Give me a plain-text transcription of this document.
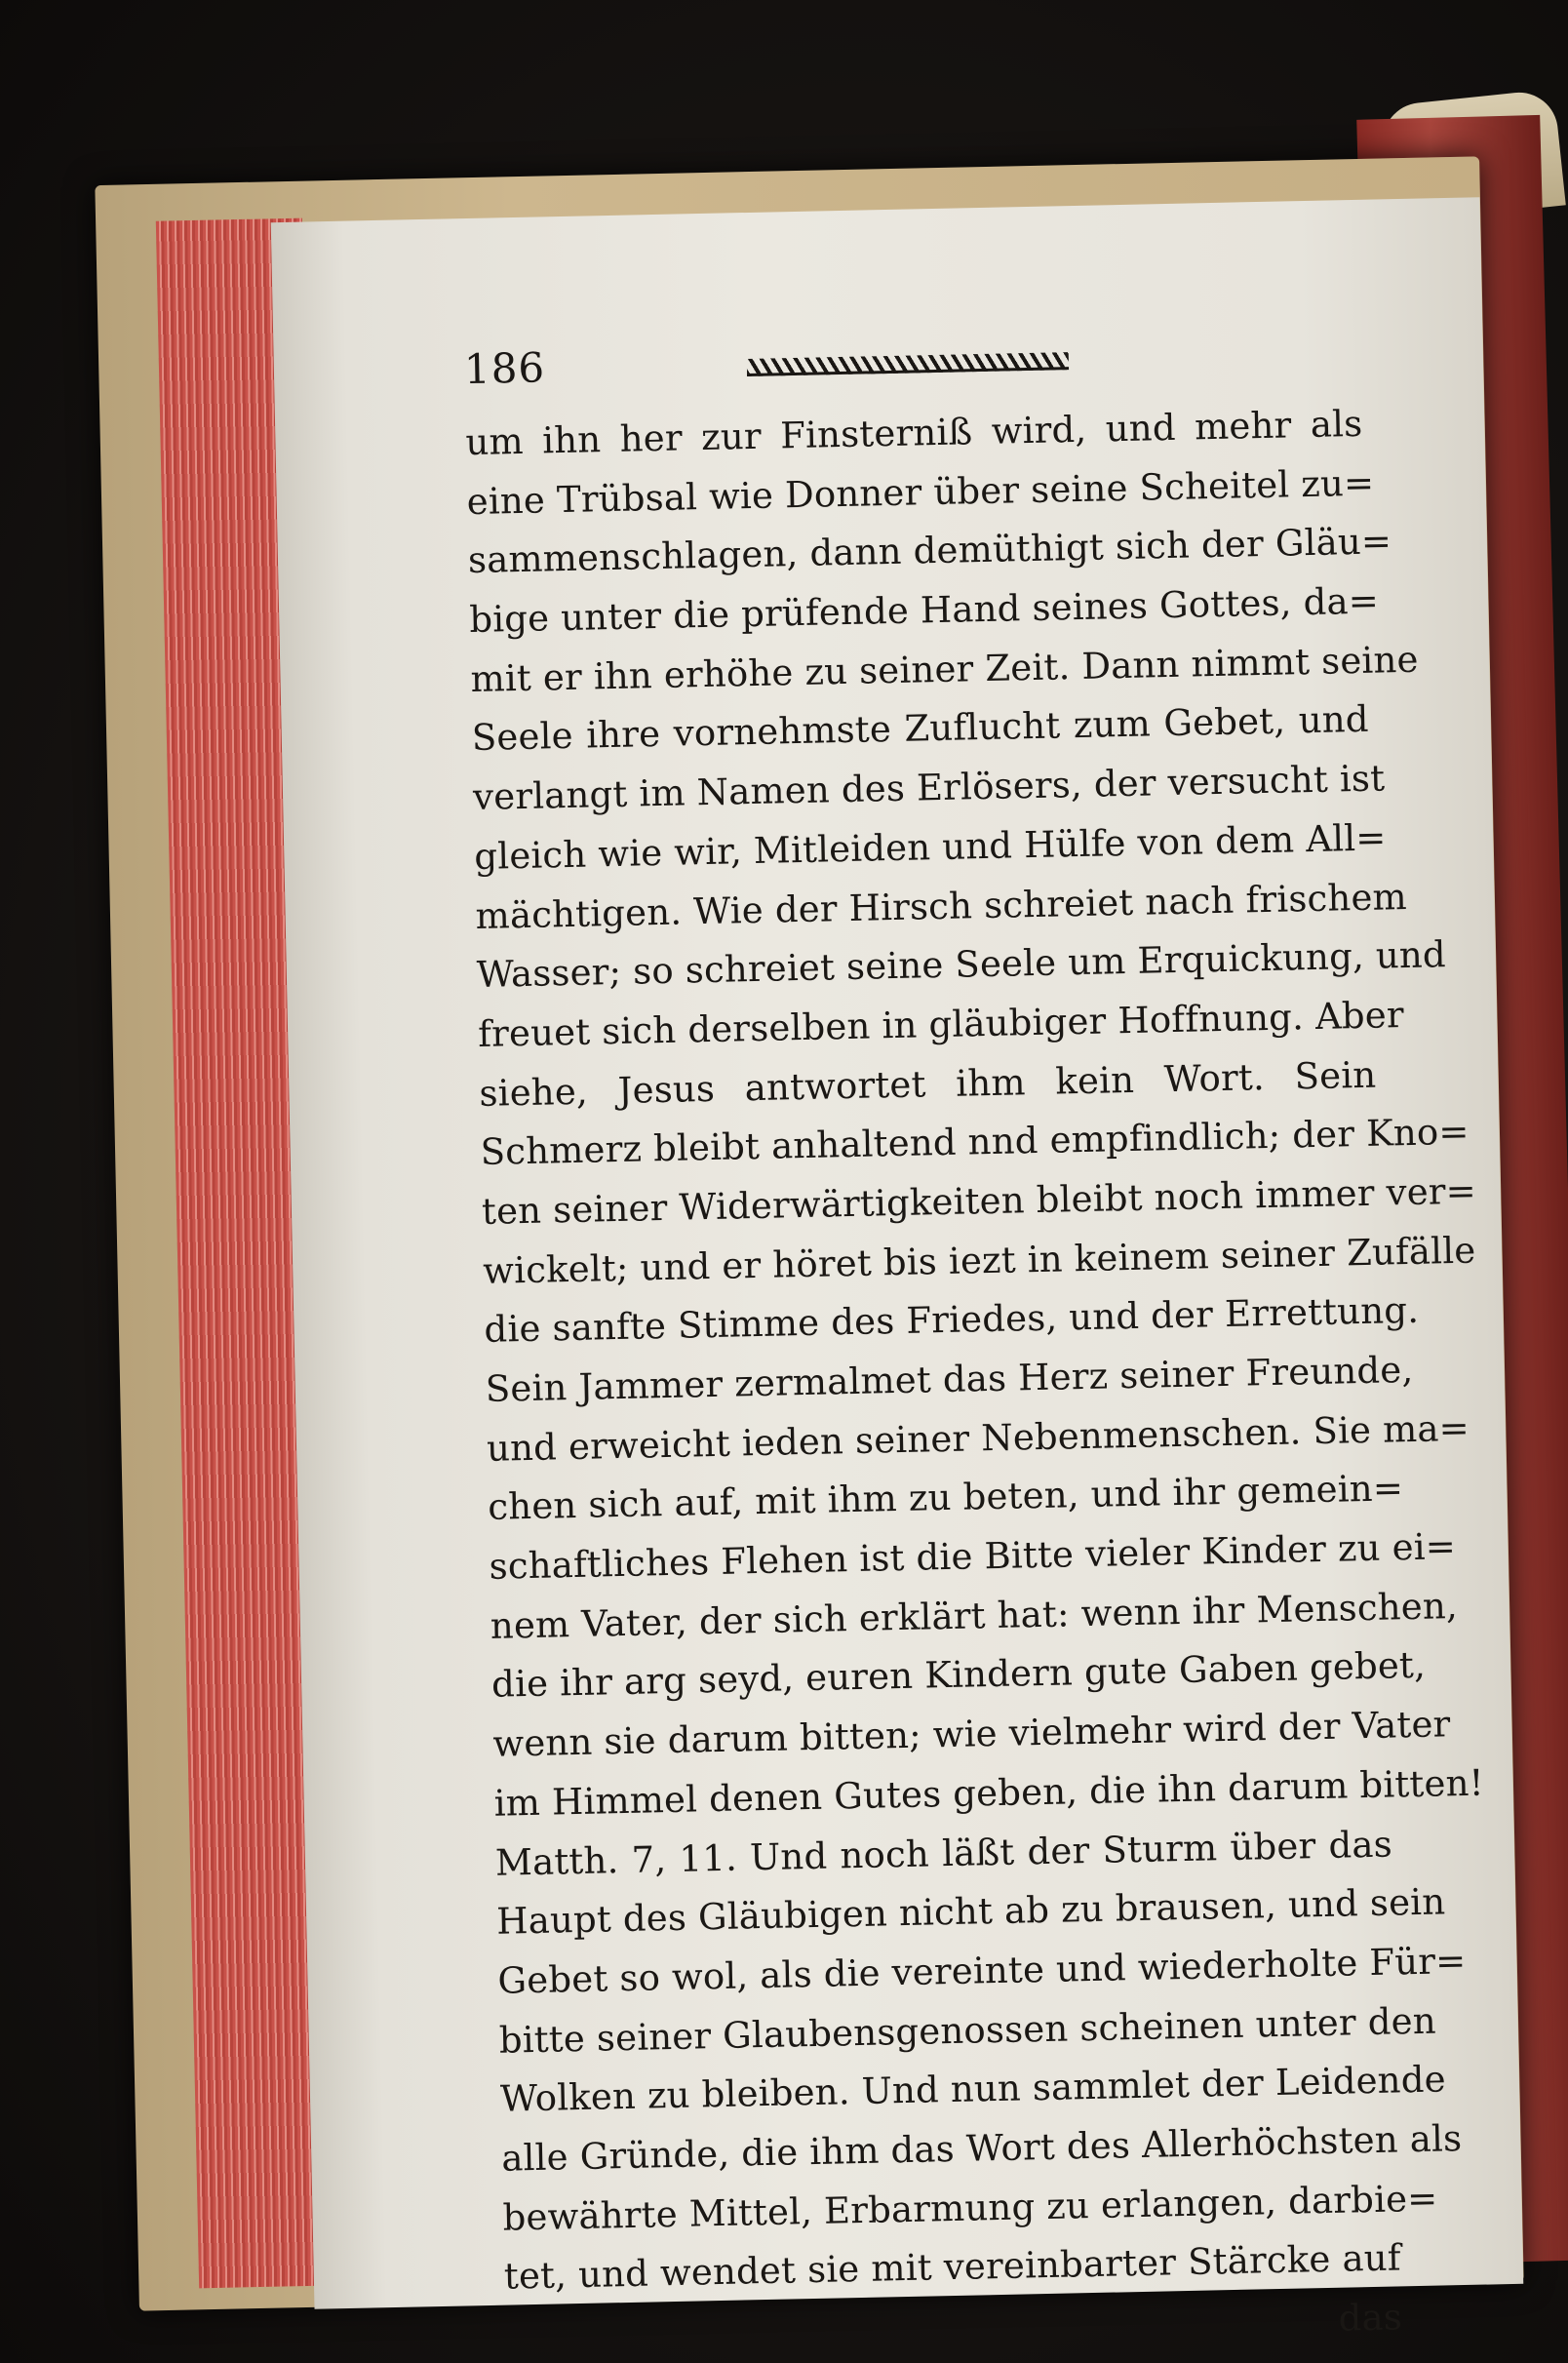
186
um ihn her zur Finsterniß wird, und mehr als
eine Trübsal wie Donner über seine Scheitel zu=
sammenschlagen, dann demüthigt sich der Gläu=
bige unter die prüfende Hand seines Gottes, da=
mit er ihn erhöhe zu seiner Zeit. Dann nimmt seine
Seele ihre vornehmste Zuflucht zum Gebet, und
verlangt im Namen des Erlösers, der versucht ist
gleich wie wir, Mitleiden und Hülfe von dem All=
mächtigen. Wie der Hirsch schreiet nach frischem
Wasser; so schreiet seine Seele um Erquickung, und
freuet sich derselben in gläubiger Hoffnung. Aber
siehe, Jesus antwortet ihm kein Wort. Sein
Schmerz bleibt anhaltend nnd empfindlich; der Kno=
ten seiner Widerwärtigkeiten bleibt noch immer ver=
wickelt; und er höret bis iezt in keinem seiner Zufälle
die sanfte Stimme des Friedes, und der Errettung.
Sein Jammer zermalmet das Herz seiner Freunde,
und erweicht ieden seiner Nebenmenschen. Sie ma=
chen sich auf, mit ihm zu beten, und ihr gemein=
schaftliches Flehen ist die Bitte vieler Kinder zu ei=
nem Vater, der sich erklärt hat: wenn ihr Menschen,
die ihr arg seyd, euren Kindern gute Gaben gebet,
wenn sie darum bitten; wie vielmehr wird der Vater
im Himmel denen Gutes geben, die ihn darum bitten!
Matth. 7, 11. Und noch läßt der Sturm über das
Haupt des Gläubigen nicht ab zu brausen, und sein
Gebet so wol, als die vereinte und wiederholte Für=
bitte seiner Glaubensgenossen scheinen unter den
Wolken zu bleiben. Und nun sammlet der Leidende
alle Gründe, die ihm das Wort des Allerhöchsten als
bewährte Mittel, Erbarmung zu erlangen, darbie=
tet, und wendet sie mit vereinbarter Stärcke auf
das
